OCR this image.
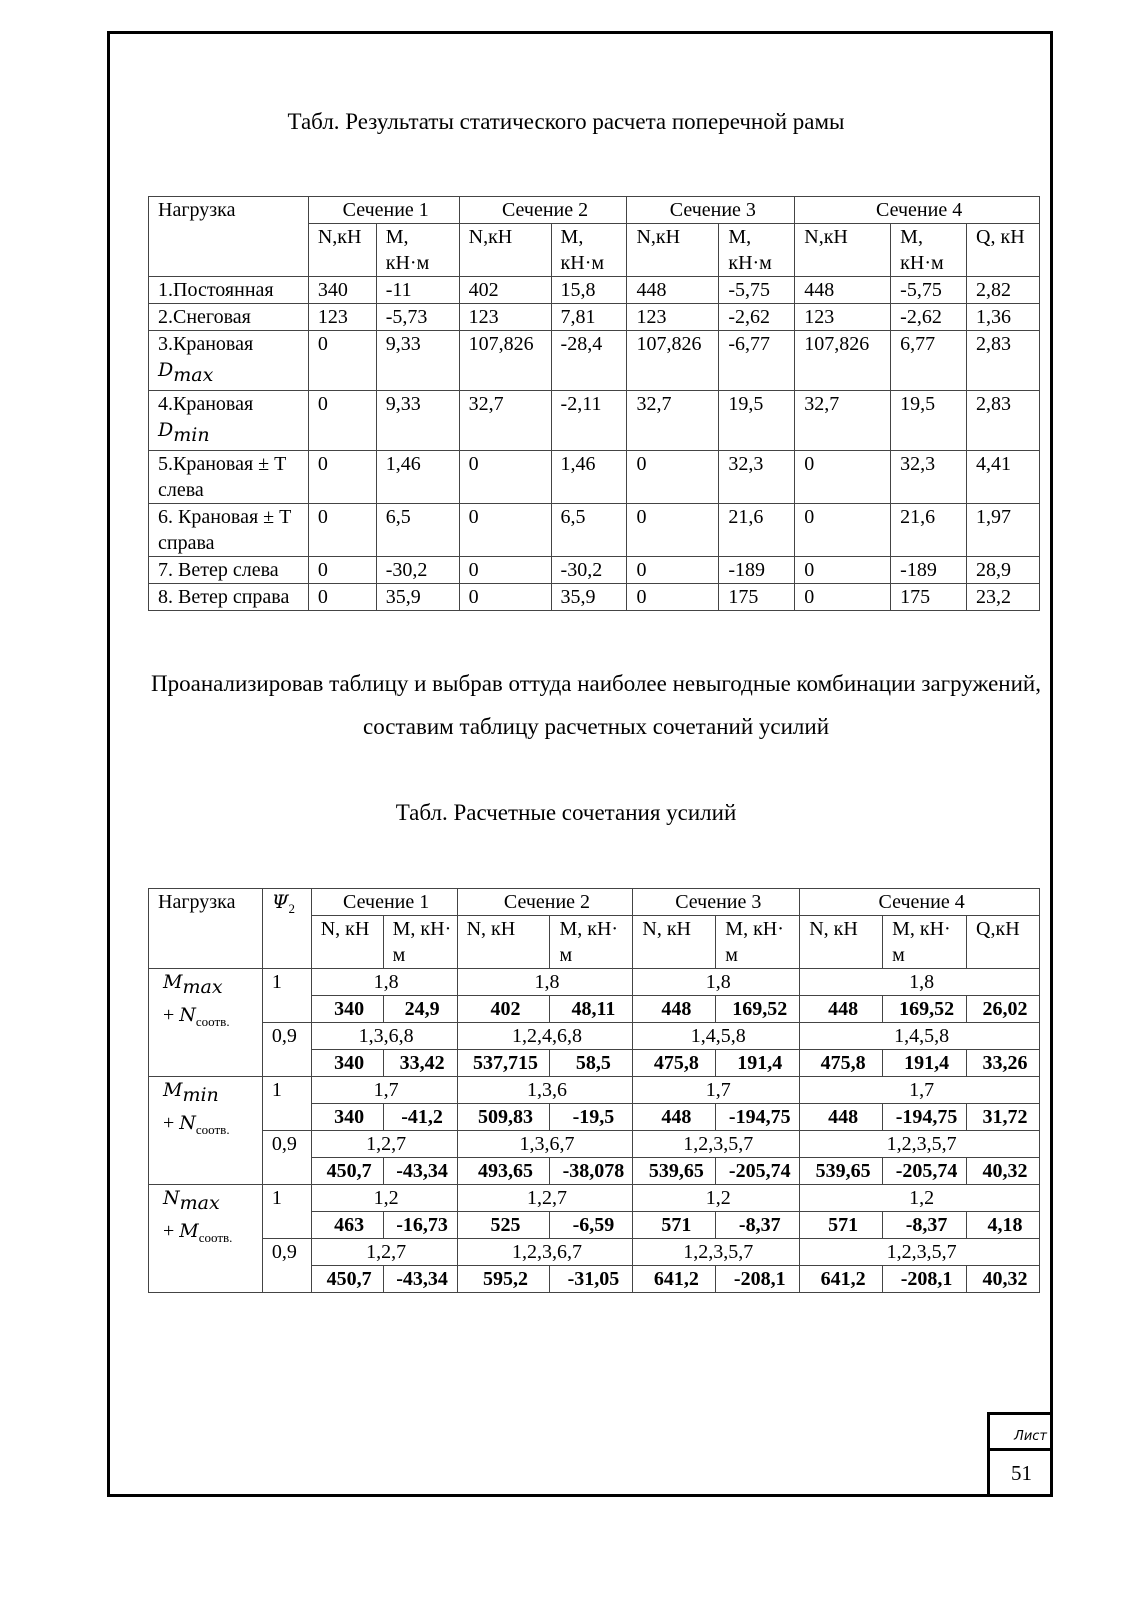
Табл. Результаты статического расчета поперечной рамы
Нагрузка	Сечение 1		Сечение 2		Сечение 3		Сечение 4		
	N,кН	М, кН·м	N,кН	М, кН·м	N,кН	М, кН·м	N,кН	М, кН·м	Q, кН
1.Постоянная	340	-11	402	15,8	448	-5,75	448	-5,75	2,82
2.Снеговая	123	-5,73	123	7,81	123	-2,62	123	-2,62	1,36
3.Крановая
$D_{max}$	0	9,33	107,826	-28,4	107,826	-6,77	107,826	6,77	2,83
4.Крановая
$D_{min}$	0	9,33	32,7	-2,11	32,7	19,5	32,7	19,5	2,83
5.Крановая ± Т слева	0	1,46	0	1,46	0	32,3	0	32,3	4,41
6. Крановая ± Т справа	0	6,5	0	6,5	0	21,6	0	21,6	1,97
7. Ветер слева	0	-30,2	0	-30,2	0	-189	0	-189	28,9
8. Ветер справа	0	35,9	0	35,9	0	175	0	175	23,2
Проанализировав таблицу и выбрав оттуда наиболее невыгодные комбинации загружений, составим таблицу расчетных сочетаний усилий
Табл. Расчетные сочетания усилий
Нагрузка	$\Psi_2$	Сечение 1		Сечение 2		Сечение 3		Сечение 4		
		N, кН	М, кН· м	N, кН	М, кН· м	N, кН	М, кН· м	N, кН	М, кН· м	Q,кН
$M_{max}$
+ $N_{соотв.}$	1	1,8		1,8		1,8		1,8		
		340	24,9	402	48,11	448	169,52	448	169,52	26,02
	0,9	1,3,6,8		1,2,4,6,8		1,4,5,8		1,4,5,8		
		340	33,42	537,715	58,5	475,8	191,4	475,8	191,4	33,26
$M_{min}$
+ $N_{соотв.}$	1	1,7		1,3,6		1,7		1,7		
		340	-41,2	509,83	-19,5	448	-194,75	448	-194,75	31,72
	0,9	1,2,7		1,3,6,7		1,2,3,5,7		1,2,3,5,7		
		450,7	-43,34	493,65	-38,078	539,65	-205,74	539,65	-205,74	40,32
$N_{max}$
+ $M_{соотв.}$	1	1,2		1,2,7		1,2		1,2		
		463	-16,73	525	-6,59	571	-8,37	571	-8,37	4,18
	0,9	1,2,7		1,2,3,6,7		1,2,3,5,7		1,2,3,5,7		
		450,7	-43,34	595,2	-31,05	641,2	-208,1	641,2	-208,1	40,32
Лист
51
